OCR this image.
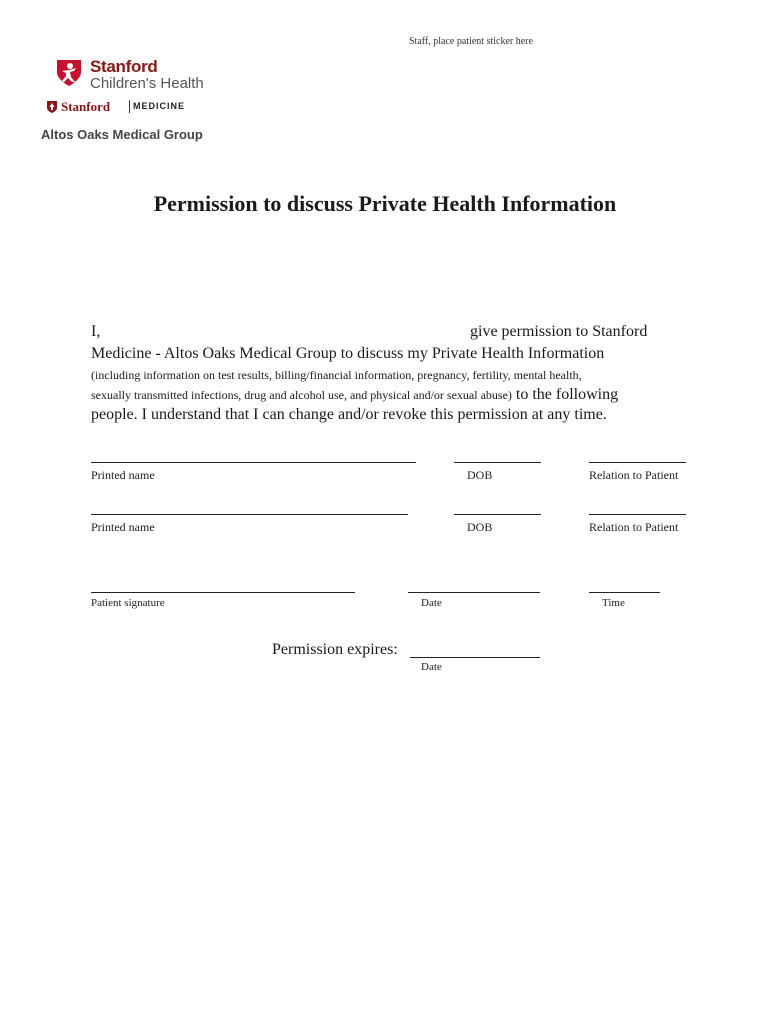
Staff, place patient sticker here
Stanford
Children's Health
Stanford	MEDICINE
Altos Oaks Medical Group
Permission to discuss Private Health Information
I,	give permission to Stanford
Medicine - Altos Oaks Medical Group to discuss my Private Health Information
(including information on test results, billing/financial information, pregnancy, fertility, mental health,
sexually transmitted infections, drug and alcohol use, and physical and/or sexual abuse) to the following
people. I understand that I can change and/or revoke this permission at any time.
Printed name	DOB	Relation to Patient
Printed name	DOB	Relation to Patient
Patient signature	Date	Time
Permission expires:
Date
